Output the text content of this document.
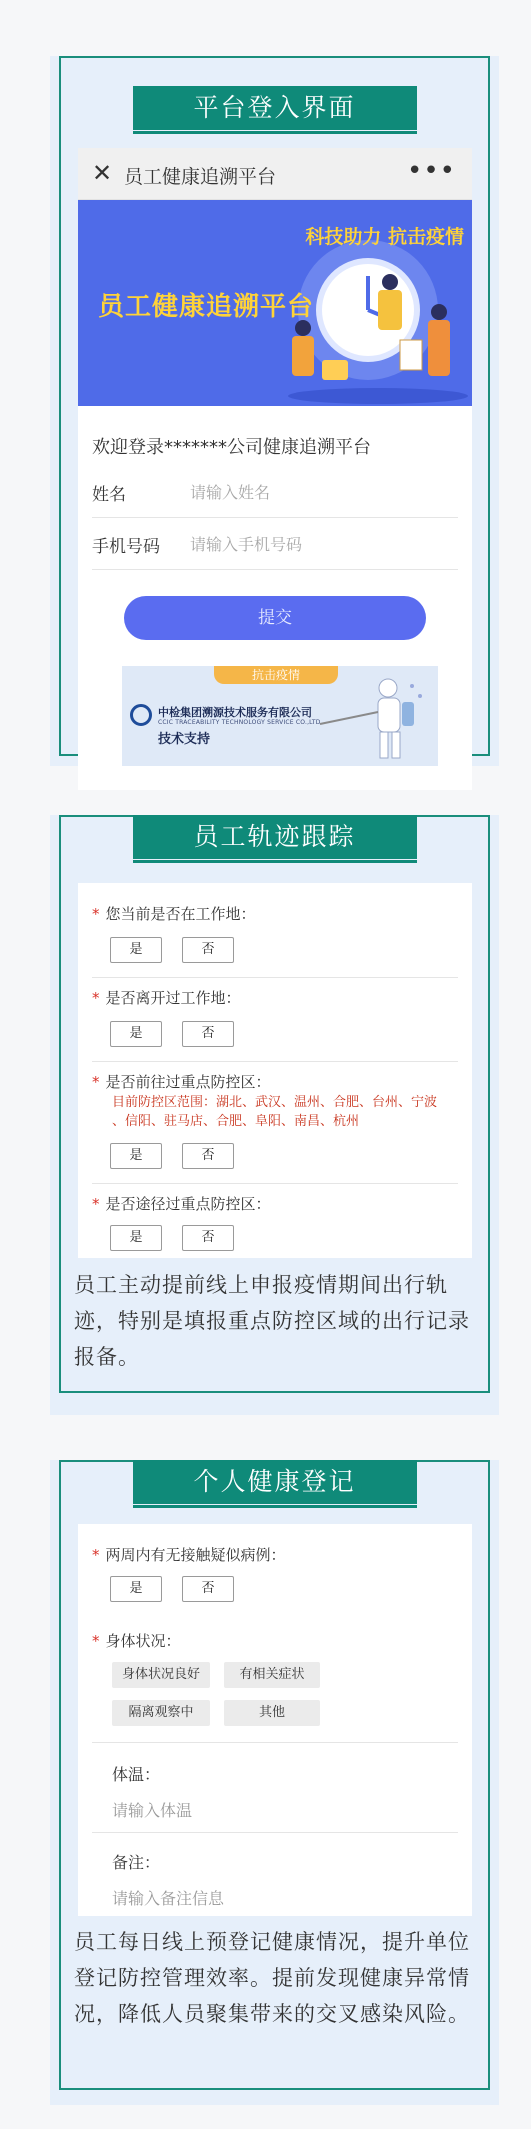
平台登入界面
✕ 员工健康追溯平台	•••
员工健康追溯平台
科技助力 抗击疫情
欢迎登录*******公司健康追溯平台
姓名	请输入姓名
手机号码 请输入手机号码
提交
抗击疫情
中检集团溯源技术服务有限公司
CCIC TRACEABILITY TECHNOLOGY SERVICE CO.,LTD.
技术支持
员工轨迹跟踪
* 您当前是否在工作地：
是	否
* 是否离开过工作地：
是	否
* 是否前往过重点防控区：
目前防控区范围：湖北、武汉、温州、合肥、台州、宁波
、信阳、驻马店、合肥、阜阳、南昌、杭州
是	否
* 是否途径过重点防控区：
是	否
员工主动提前线上申报疫情期间出行轨迹，特别是填报重点防控区域的出行记录报备。
个人健康登记
* 两周内有无接触疑似病例：
是	否
* 身体状况：
身体状况良好	有相关症状
隔离观察中	其他
体温：
请输入体温
备注：
请输入备注信息
员工每日线上预登记健康情况，提升单位登记防控管理效率。提前发现健康异常情况，降低人员聚集带来的交叉感染风险。
